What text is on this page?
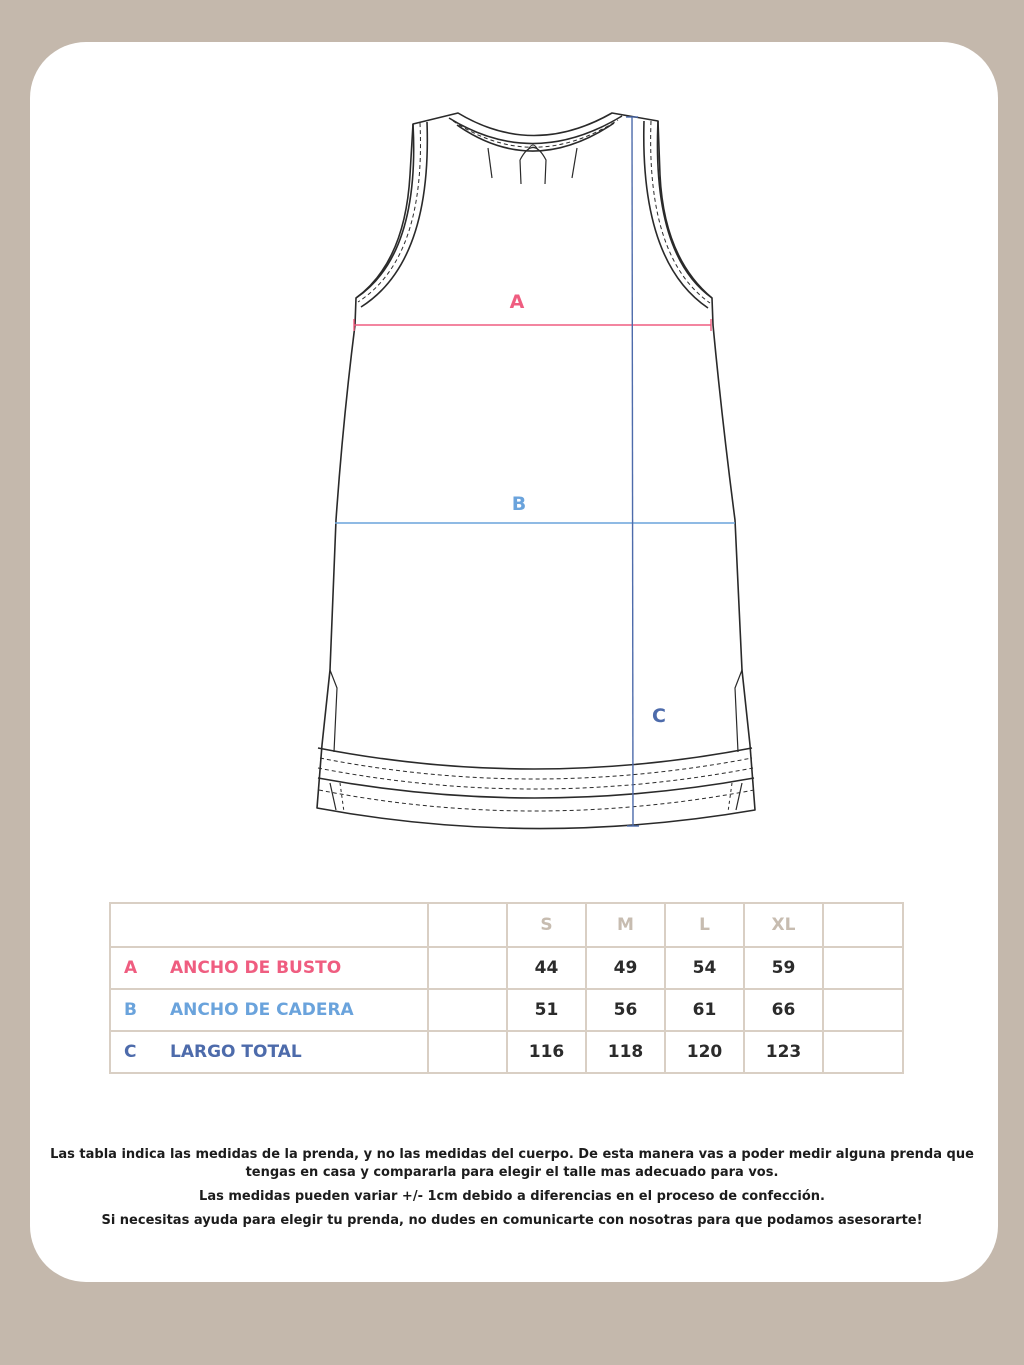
A
B
C
			S	M	L	XL	
A	ANCHO DE BUSTO		44	49	54	59	
B	ANCHO DE CADERA		51	56	61	66	
C	LARGO TOTAL		116	118	120	123	

Las tabla indica las medidas de la prenda, y no las medidas del cuerpo. De esta manera vas a poder medir alguna prenda que tengas en casa y compararla para elegir el talle mas adecuado para vos.

Las medidas pueden variar +/- 1cm debido a diferencias en el proceso de confección.

Si necesitas ayuda para elegir tu prenda, no dudes en comunicarte con nosotras para que podamos asesorarte!
